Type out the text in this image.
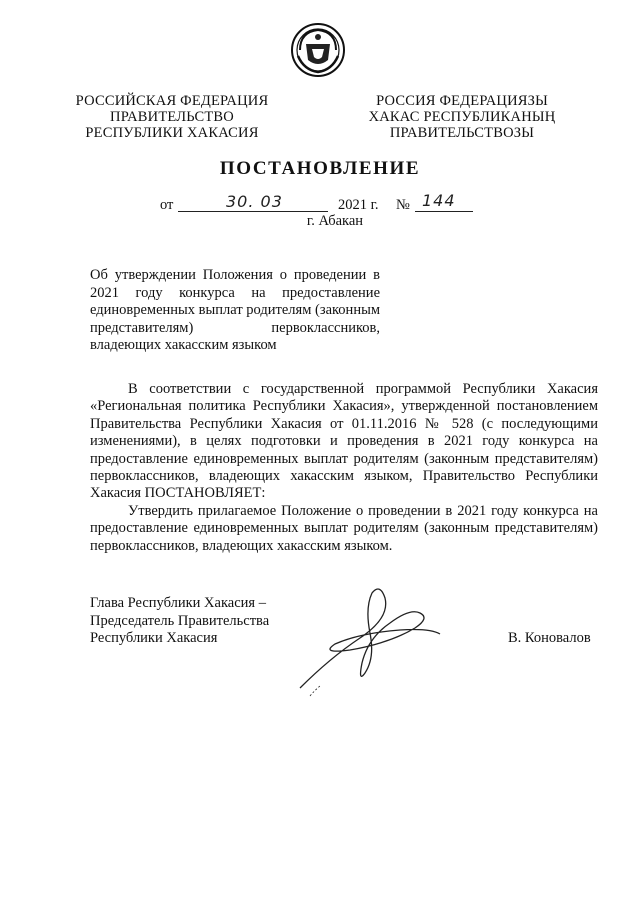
РОССИЙСКАЯ ФЕДЕРАЦИЯ
ПРАВИТЕЛЬСТВО
РЕСПУБЛИКИ ХАКАСИЯ
РОССИЯ ФЕДЕРАЦИЯЗЫ
ХАКАС РЕСПУБЛИКАНЫҢ
ПРАВИТЕЛЬСТВОЗЫ
ПОСТАНОВЛЕНИЕ
от	30. 03	2021 г. № 144
г. Абакан
Об утверждении Положения о проведении в 2021 году конкурса на предоставление единовременных выплат родителям (законным представителям) первоклассников, владеющих хакасским языком

В соответствии с государственной программой Республики Хакасия «Региональная политика Республики Хакасия», утвержденной постановлением Правительства Республики Хакасия от 01.11.2016 № 528 (с последующими изменениями), в целях подготовки и проведения в 2021 году конкурса на предоставление единовременных выплат родителям (законным представителям) первоклассников, владеющих хакасским языком, Правительство Республики Хакасия ПОСТАНОВЛЯЕТ:

Утвердить прилагаемое Положение о проведении в 2021 году конкурса на предоставление единовременных выплат родителям (законным представителям) первоклассников, владеющих хакасским языком.

Глава Республики Хакасия –
Председатель Правительства
Республики Хакасия	В. Коновалов
